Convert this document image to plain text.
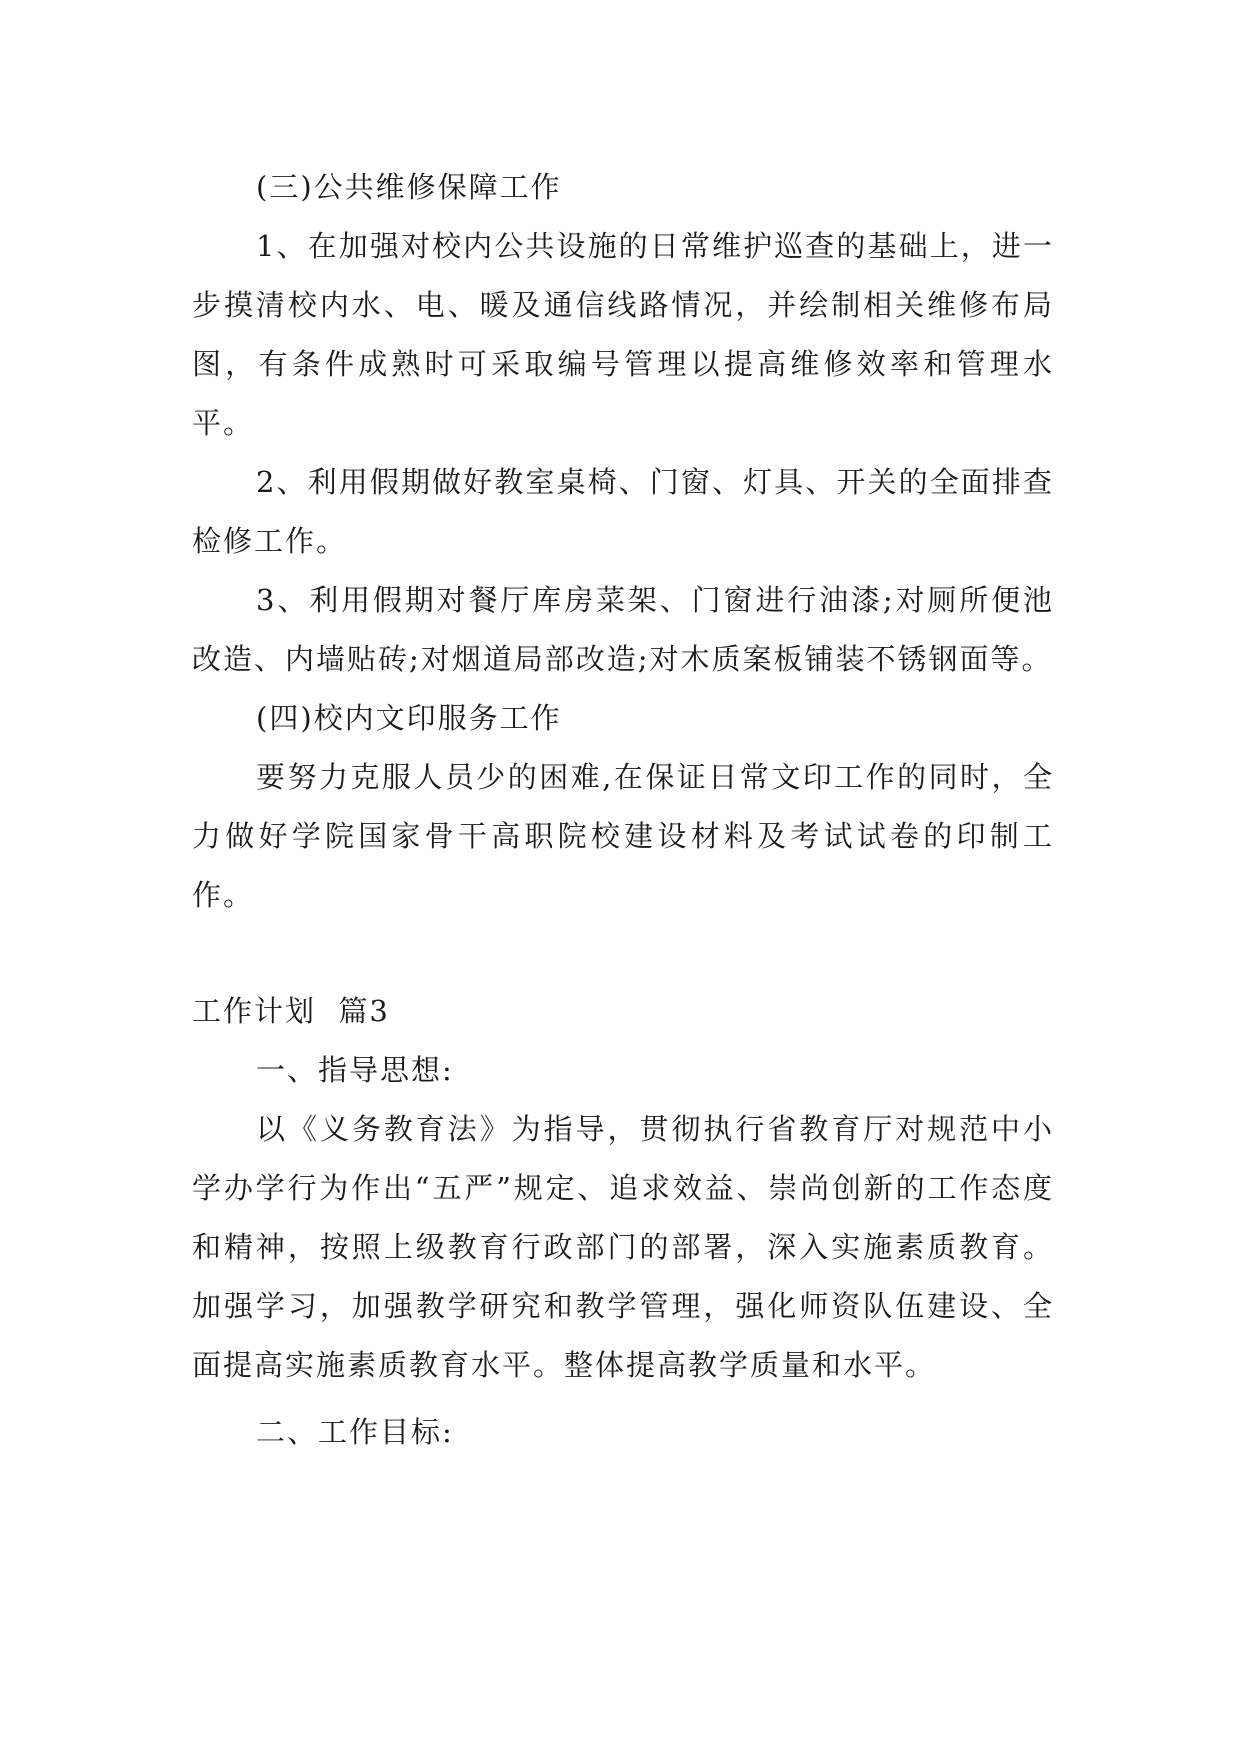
(三)公共维修保障工作

1、在加强对校内公共设施的日常维护巡查的基础上，进一步摸清校内水、电、暖及通信线路情况，并绘制相关维修布局图，有条件成熟时可采取编号管理以提高维修效率和管理水平。

2、利用假期做好教室桌椅、门窗、灯具、开关的全面排查检修工作。

3、利用假期对餐厅库房菜架、门窗进行油漆;对厕所便池改造、内墙贴砖;对烟道局部改造;对木质案板铺装不锈钢面等。

(四)校内文印服务工作

要努力克服人员少的困难,在保证日常文印工作的同时，全力做好学院国家骨干高职院校建设材料及考试试卷的印制工作。

工作计划  篇3

一、指导思想:

以《义务教育法》为指导，贯彻执行省教育厅对规范中小学办学行为作出“五严”规定、追求效益、崇尚创新的工作态度和精神，按照上级教育行政部门的部署，深入实施素质教育。加强学习，加强教学研究和教学管理，强化师资队伍建设、全面提高实施素质教育水平。整体提高教学质量和水平。

二、工作目标:
